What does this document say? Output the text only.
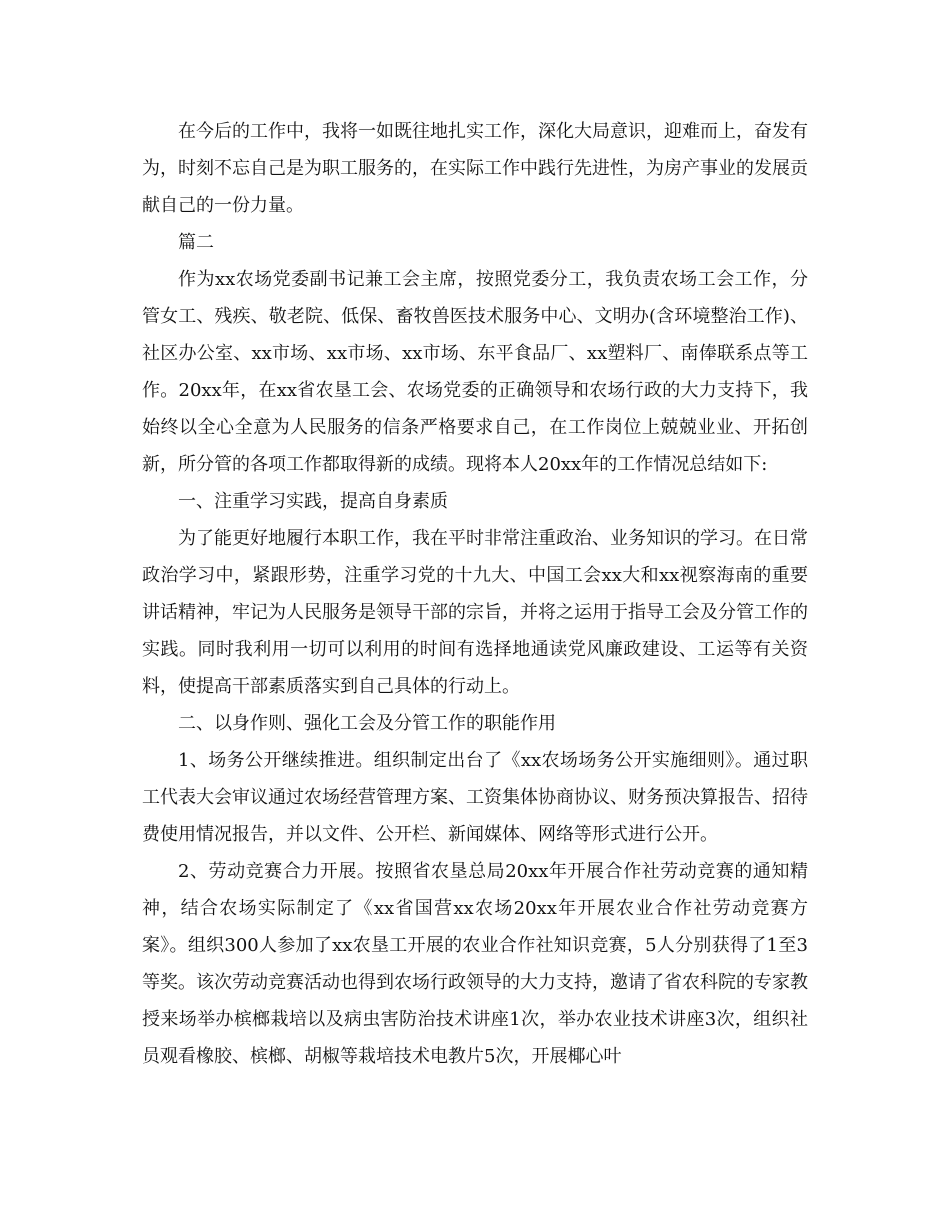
在今后的工作中，我将一如既往地扎实工作，深化大局意识，迎难而上，奋发有为，时刻不忘自己是为职工服务的，在实际工作中践行先进性，为房产事业的发展贡献自己的一份力量。

篇二

作为xx农场党委副书记兼工会主席，按照党委分工，我负责农场工会工作，分管女工、残疾、敬老院、低保、畜牧兽医技术服务中心、文明办(含环境整治工作)、社区办公室、xx市场、xx市场、xx市场、东平食品厂、xx塑料厂、南俸联系点等工作。20xx年，在xx省农垦工会、农场党委的正确领导和农场行政的大力支持下，我始终以全心全意为人民服务的信条严格要求自己，在工作岗位上兢兢业业、开拓创新，所分管的各项工作都取得新的成绩。现将本人20xx年的工作情况总结如下:

一、注重学习实践，提高自身素质

为了能更好地履行本职工作，我在平时非常注重政治、业务知识的学习。在日常政治学习中，紧跟形势，注重学习党的十九大、中国工会xx大和xx视察海南的重要讲话精神，牢记为人民服务是领导干部的宗旨，并将之运用于指导工会及分管工作的实践。同时我利用一切可以利用的时间有选择地通读党风廉政建设、工运等有关资料，使提高干部素质落实到自己具体的行动上。

二、以身作则、强化工会及分管工作的职能作用

1、场务公开继续推进。组织制定出台了《xx农场场务公开实施细则》。通过职工代表大会审议通过农场经营管理方案、工资集体协商协议、财务预决算报告、招待费使用情况报告，并以文件、公开栏、新闻媒体、网络等形式进行公开。

2、劳动竞赛合力开展。按照省农垦总局20xx年开展合作社劳动竞赛的通知精神，结合农场实际制定了《xx省国营xx农场20xx年开展农业合作社劳动竞赛方案》。组织300人参加了xx农垦工开展的农业合作社知识竞赛，5人分别获得了1至3等奖。该次劳动竞赛活动也得到农场行政领导的大力支持，邀请了省农科院的专家教授来场举办槟榔栽培以及病虫害防治技术讲座1次，举办农业技术讲座3次，组织社员观看橡胶、槟榔、胡椒等栽培技术电教片5次，开展椰心叶
